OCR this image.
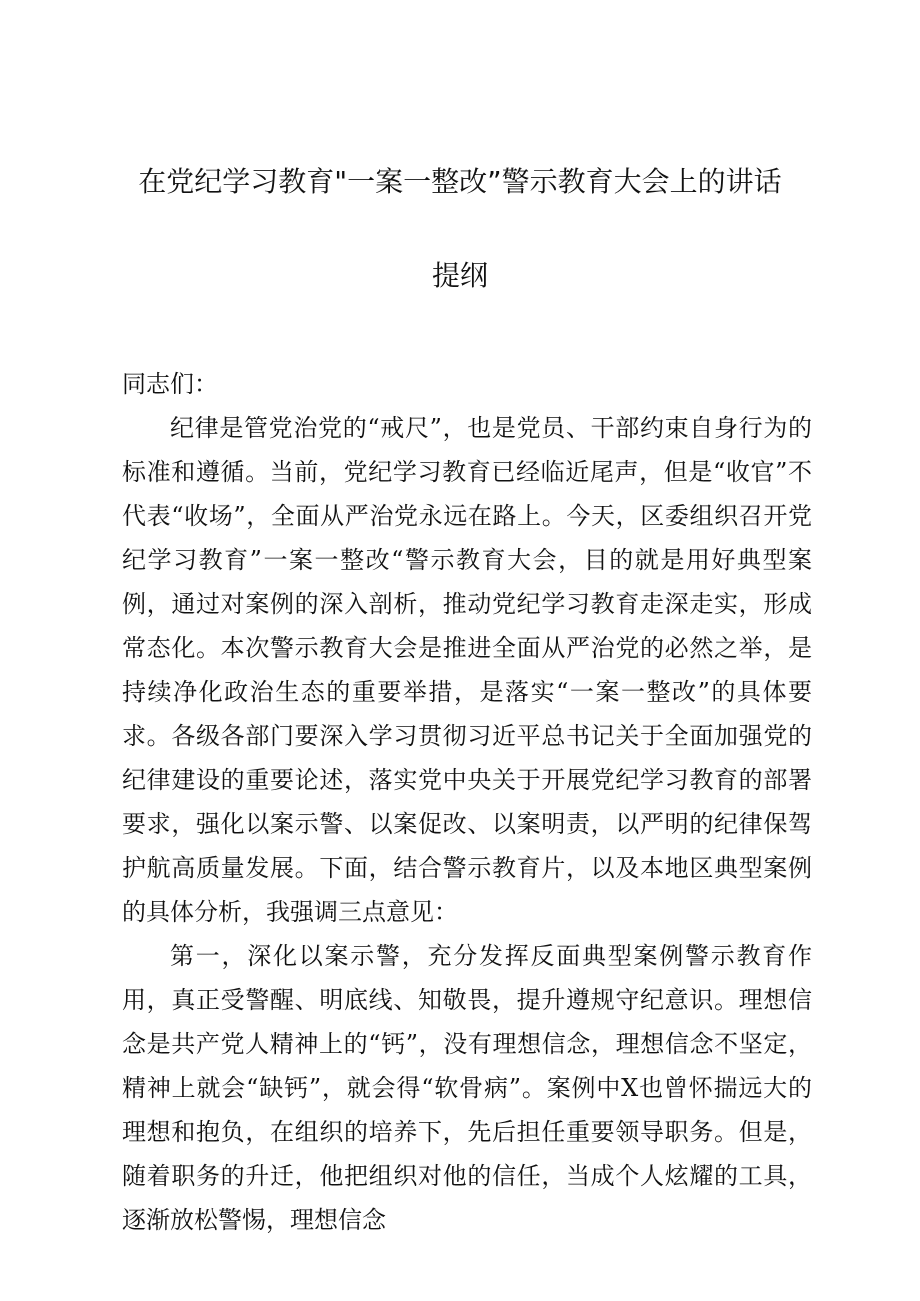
在党纪学习教育"一案一整改”警示教育大会上的讲话
提纲
同志们：

纪律是管党治党的“戒尺”，也是党员、干部约束自身行为的标准和遵循。当前，党纪学习教育已经临近尾声，但是“收官”不代表“收场”，全面从严治党永远在路上。今天，区委组织召开党纪学习教育”一案一整改“警示教育大会，目的就是用好典型案例，通过对案例的深入剖析，推动党纪学习教育走深走实，形成常态化。本次警示教育大会是推进全面从严治党的必然之举，是持续净化政治生态的重要举措，是落实“一案一整改”的具体要求。各级各部门要深入学习贯彻习近平总书记关于全面加强党的纪律建设的重要论述，落实党中央关于开展党纪学习教育的部署要求，强化以案示警、以案促改、以案明责，以严明的纪律保驾护航高质量发展。下面，结合警示教育片，以及本地区典型案例的具体分析，我强调三点意见：

第一，深化以案示警，充分发挥反面典型案例警示教育作用，真正受警醒、明底线、知敬畏，提升遵规守纪意识。理想信念是共产党人精神上的“钙”，没有理想信念，理想信念不坚定，精神上就会“缺钙”，就会得“软骨病”。案例中X也曾怀揣远大的理想和抱负，在组织的培养下，先后担任重要领导职务。但是，随着职务的升迁，他把组织对他的信任，当成个人炫耀的工具，逐渐放松警惕，理想信念
